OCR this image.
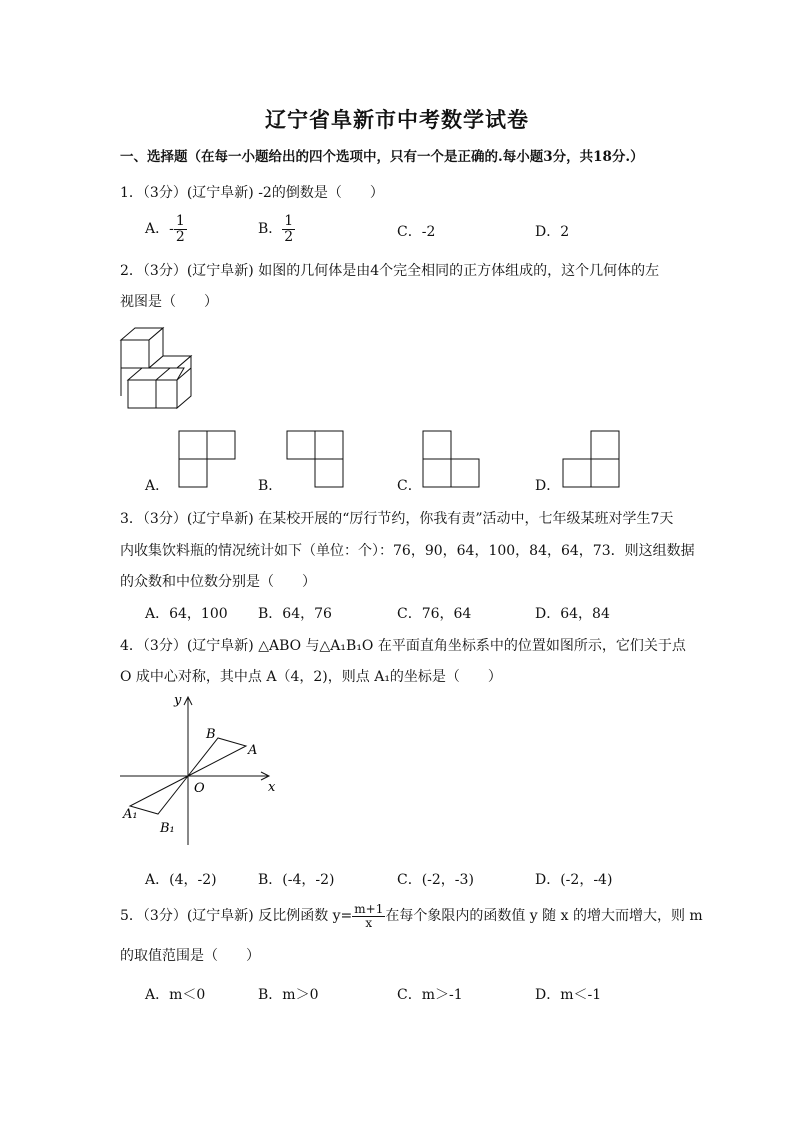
辽宁省阜新市中考数学试卷
一、选择题（在每一小题给出的四个选项中，只有一个是正确的.每小题3分，共18分.）
1．（3分）(辽宁阜新) -2的倒数是（　　）
A．- $\frac{1}{2}$	B． $\frac{1}{2}$	C．-2	D．2
2．（3分）(辽宁阜新) 如图的几何体是由4个完全相同的正方体组成的，这个几何体的左
视图是（　　）
A．	B．	C．	D．
3．（3分）(辽宁阜新) 在某校开展的“厉行节约，你我有责”活动中，七年级某班对学生7天
内收集饮料瓶的情况统计如下（单位：个）：76，90，64，100，84，64，73．则这组数据
的众数和中位数分别是（　　）
A．64，100 B．64，76	C．76，64	D．64，84
4．（3分）(辽宁阜新) △ABO 与△A₁B₁O 在平面直角坐标系中的位置如图所示，它们关于点
O 成中心对称，其中点 A（4，2)，则点 A₁的坐标是（　　）
y
x
O
A
B
A₁
B₁
A．(4，-2)	B．(-4，-2)	C．(-2，-3)	D．(-2，-4)
5．（3分）(辽宁阜新) 反比例函数 $y= \frac{m+1}{x}$ 在每个象限内的函数值 y 随 x 的增大而增大，则 m
的取值范围是（　　）
A．m＜0	B．m＞0	C．m＞-1	D．m＜-1
